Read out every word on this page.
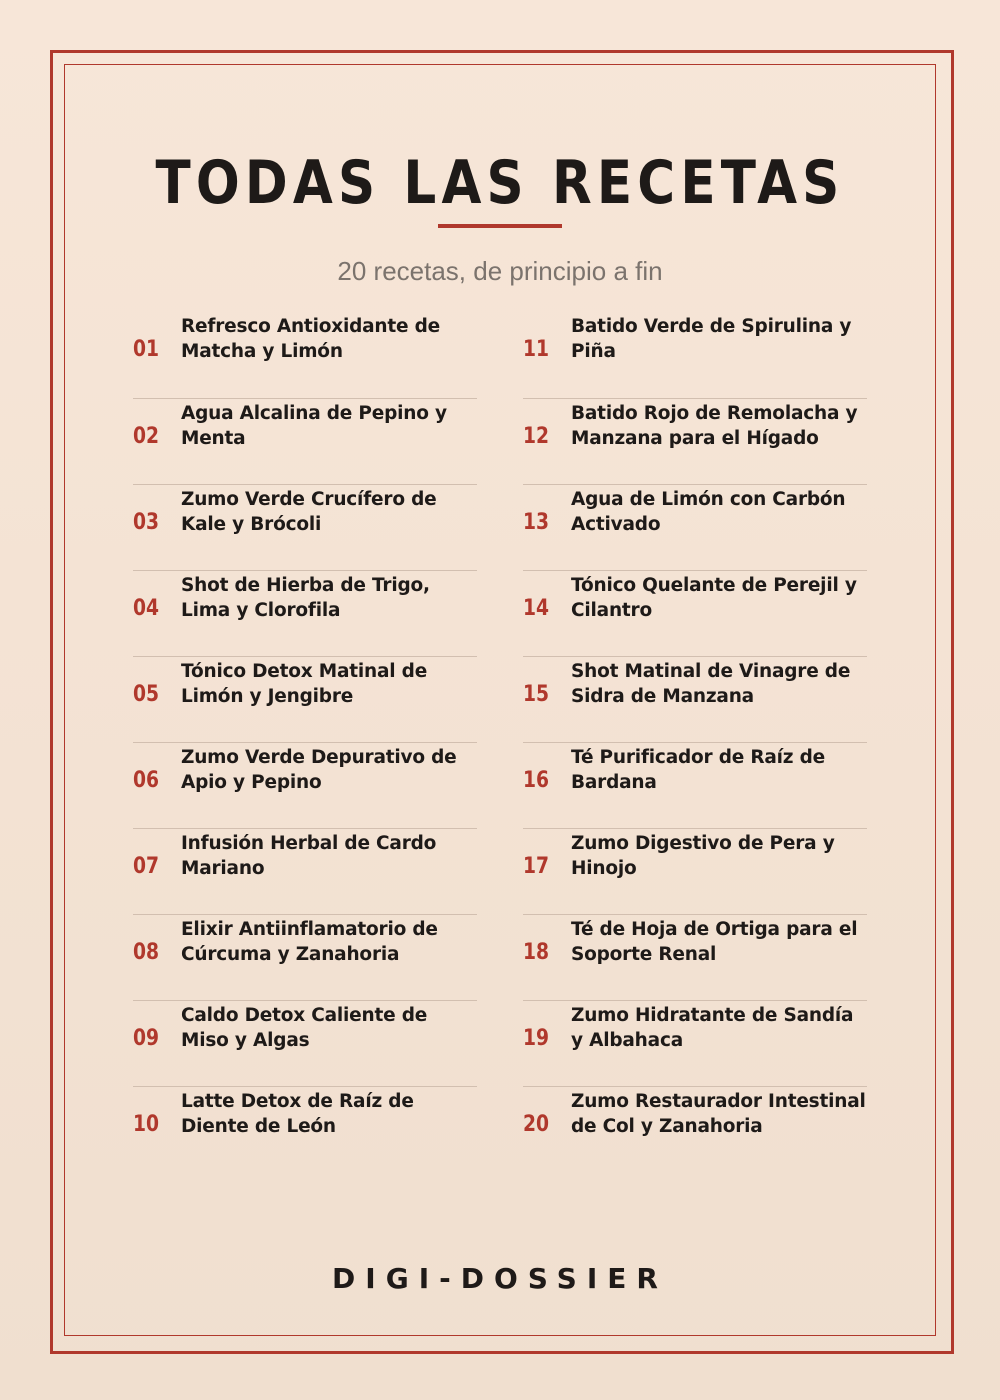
TODAS LAS RECETAS
20 recetas, de principio a fin
01
Refresco Antioxidante de Matcha y Limón
02
Agua Alcalina de Pepino y Menta
03
Zumo Verde Crucífero de Kale y Brócoli
04
Shot de Hierba de Trigo, Lima y Clorofila
05
Tónico Detox Matinal de Limón y Jengibre
06
Zumo Verde Depurativo de Apio y Pepino
07
Infusión Herbal de Cardo Mariano
08
Elixir Antiinflamatorio de Cúrcuma y Zanahoria
09
Caldo Detox Caliente de Miso y Algas
10
Latte Detox de Raíz de Diente de León
11
Batido Verde de Spirulina y Piña
12
Batido Rojo de Remolacha y Manzana para el Hígado
13
Agua de Limón con Carbón Activado
14
Tónico Quelante de Perejil y Cilantro
15
Shot Matinal de Vinagre de Sidra de Manzana
16
Té Purificador de Raíz de Bardana
17
Zumo Digestivo de Pera y Hinojo
18
Té de Hoja de Ortiga para el Soporte Renal
19
Zumo Hidratante de Sandía y Albahaca
20
Zumo Restaurador Intestinal de Col y Zanahoria
DIGI-DOSSIER
